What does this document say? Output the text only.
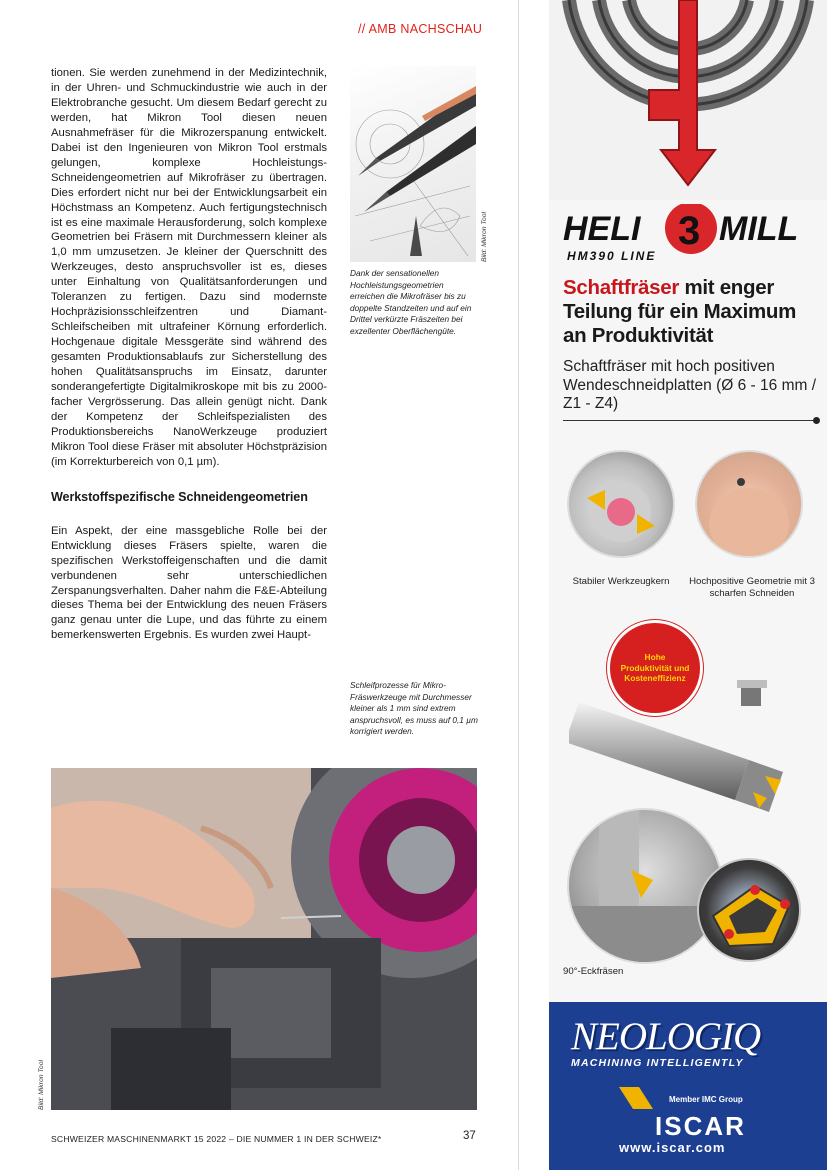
// AMB NACHSCHAU

tionen. Sie werden zunehmend in der Medizintechnik, in der Uhren- und Schmuckindustrie wie auch in der Elektrobranche gesucht. Um diesem Bedarf gerecht zu werden, hat Mikron Tool diesen neuen Ausnahmefräser für die Mikrozerspanung entwickelt. Dabei ist den Ingenieuren von Mikron Tool erstmals gelungen, komplexe Hochleistungs-Schneidengeometrien auf Mikrofräser zu übertragen. Dies erfordert nicht nur bei der Entwicklungsarbeit ein Höchstmass an Kompetenz. Auch fertigungstechnisch ist es eine maximale Herausforderung, solch komplexe Geometrien bei Fräsern mit Durchmessern kleiner als 1,0 mm umzusetzen. Je kleiner der Querschnitt des Werkzeuges, desto anspruchsvoller ist es, dieses unter Einhaltung von Qualitätsanforderungen und Toleranzen zu fertigen. Dazu sind modernste Hochpräzisionsschleifzentren und Diamant-Schleifscheiben mit ultrafeiner Körnung erforderlich. Hochgenaue digitale Messgeräte sind während des gesamten Produktionsablaufs zur Sicherstellung des hohen Qualitätsanspruchs im Einsatz, darunter sonderangefertigte Digitalmikroskope mit bis zu 2000-facher Vergrösserung. Das allein genügt nicht. Dank der Kompetenz der Schleifspezialisten des Produktionsbereichs NanoWerkzeuge produziert Mikron Tool diese Fräser mit absoluter Höchstpräzision (im Korrekturbereich von 0,1 µm).

Werkstoffspezifische Schneidengeometrien

Ein Aspekt, der eine massgebliche Rolle bei der Entwicklung dieses Fräsers spielte, waren die spezifischen Werkstoffeigenschaften und die damit verbundenen sehr unterschiedlichen Zerspanungsverhalten. Daher nahm die F&E-Abteilung dieses Thema bei der Entwicklung des neuen Fräsers ganz genau unter die Lupe, und das führte zu einem bemerkenswerten Ergebnis. Es wurden zwei Haupt-

Bild: Mikron Tool
Dank der sensationellen Hochleistungsgeometrien erreichen die Mikrofräser bis zu doppelte Standzeiten und auf ein Drittel verkürzte Fräszeiten bei exzellenter Oberflächengüte.
Schleifprozesse für Mikro-Fräswerkzeuge mit Durchmesser kleiner als 1 mm sind extrem anspruchsvoll, es muss auf 0,1 µm korrigiert werden.
Bild: Mikron Tool
SCHWEIZER MASCHINENMARKT 15 2022 – DIE NUMMER 1 IN DER SCHWEIZ*	37
HELI 3 MILL
HM390 LINE
Schaftfräser mit enger Teilung für ein Maximum an Produktivität
Schaftfräser mit hoch positiven Wendeschneidplatten (Ø 6 - 16 mm / Z1 - Z4)
Stabiler Werkzeugkern	Hochpositive Geometrie mit 3 scharfen Schneiden
Hohe Produktivität und Kosteneffizienz
90°-Eckfräsen
NEOLOGIQ
MACHINING INTELLIGENTLY
ISCAR
Member IMC Group
www.iscar.com
